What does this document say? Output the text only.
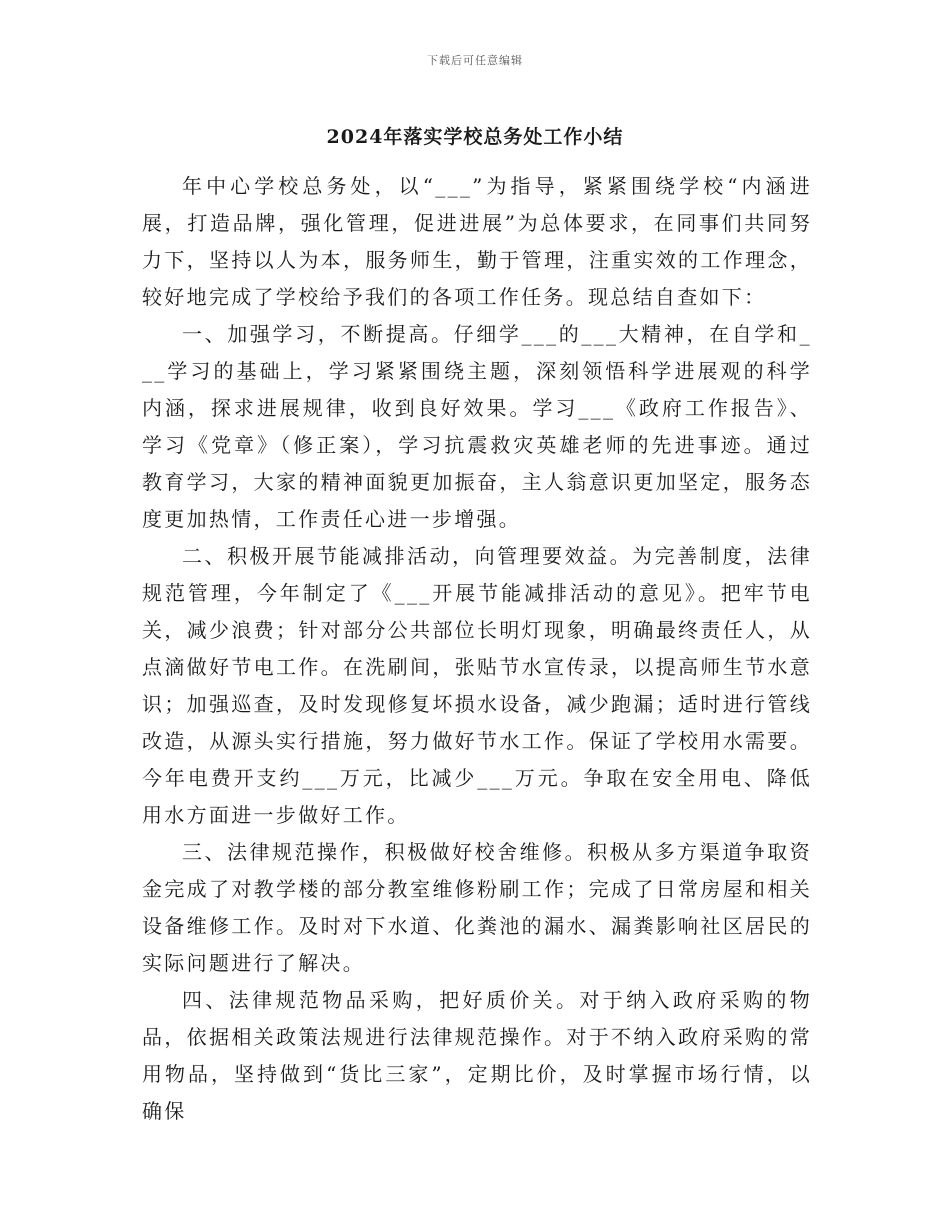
下载后可任意编辑
2024年落实学校总务处工作小结

年中心学校总务处，以“___”为指导，紧紧围绕学校“内涵进展，打造品牌，强化管理，促进进展”为总体要求，在同事们共同努力下，坚持以人为本，服务师生，勤于管理，注重实效的工作理念，较好地完成了学校给予我们的各项工作任务。现总结自查如下：

一、加强学习，不断提高。仔细学___的___大精神，在自学和___学习的基础上，学习紧紧围绕主题，深刻领悟科学进展观的科学内涵，探求进展规律，收到良好效果。学习___《政府工作报告》、学习《党章》（修正案），学习抗震救灾英雄老师的先进事迹。通过教育学习，大家的精神面貌更加振奋，主人翁意识更加坚定，服务态度更加热情，工作责任心进一步增强。

二、积极开展节能减排活动，向管理要效益。为完善制度，法律规范管理，今年制定了《___开展节能减排活动的意见》。把牢节电关，减少浪费；针对部分公共部位长明灯现象，明确最终责任人，从点滴做好节电工作。在洗刷间，张贴节水宣传录，以提高师生节水意识；加强巡查，及时发现修复坏损水设备，减少跑漏；适时进行管线改造，从源头实行措施，努力做好节水工作。保证了学校用水需要。今年电费开支约___万元，比减少___万元。争取在安全用电、降低用水方面进一步做好工作。

三、法律规范操作，积极做好校舍维修。积极从多方渠道争取资金完成了对教学楼的部分教室维修粉刷工作；完成了日常房屋和相关设备维修工作。及时对下水道、化粪池的漏水、漏粪影响社区居民的实际问题进行了解决。

四、法律规范物品采购，把好质价关。对于纳入政府采购的物品，依据相关政策法规进行法律规范操作。对于不纳入政府采购的常用物品，坚持做到“货比三家”，定期比价，及时掌握市场行情，以确保
